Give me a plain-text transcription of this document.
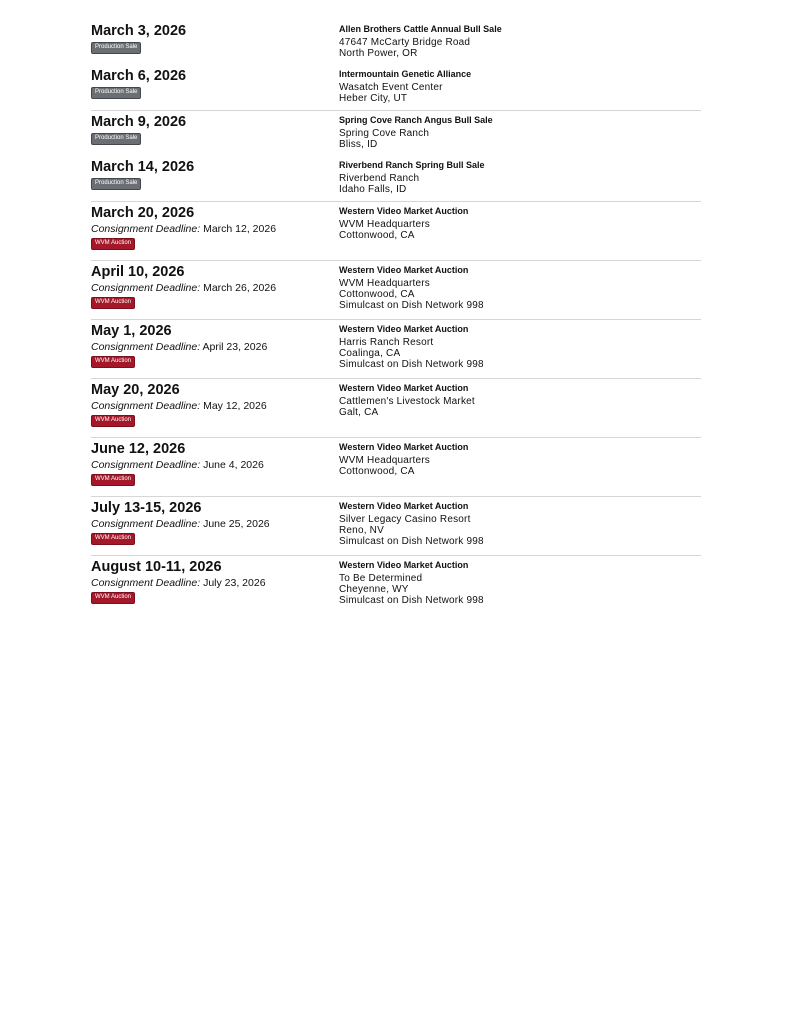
March 3, 2026
Production Sale
Allen Brothers Cattle Annual Bull Sale
47647 McCarty Bridge Road
North Power, OR
March 6, 2026
Production Sale
Intermountain Genetic Alliance
Wasatch Event Center
Heber City, UT
March 9, 2026
Production Sale
Spring Cove Ranch Angus Bull Sale
Spring Cove Ranch
Bliss, ID
March 14, 2026
Production Sale
Riverbend Ranch Spring Bull Sale
Riverbend Ranch
Idaho Falls, ID
March 20, 2026
Consignment Deadline: March 12, 2026
WVM Auction
Western Video Market Auction
WVM Headquarters
Cottonwood, CA
April 10, 2026
Consignment Deadline: March 26, 2026
WVM Auction
Western Video Market Auction
WVM Headquarters
Cottonwood, CA
Simulcast on Dish Network 998
May 1, 2026
Consignment Deadline: April 23, 2026
WVM Auction
Western Video Market Auction
Harris Ranch Resort
Coalinga, CA
Simulcast on Dish Network 998
May 20, 2026
Consignment Deadline: May 12, 2026
WVM Auction
Western Video Market Auction
Cattlemen's Livestock Market
Galt, CA
June 12, 2026
Consignment Deadline: June 4, 2026
WVM Auction
Western Video Market Auction
WVM Headquarters
Cottonwood, CA
July 13-15, 2026
Consignment Deadline: June 25, 2026
WVM Auction
Western Video Market Auction
Silver Legacy Casino Resort
Reno, NV
Simulcast on Dish Network 998
August 10-11, 2026
Consignment Deadline: July 23, 2026
WVM Auction
Western Video Market Auction
To Be Determined
Cheyenne, WY
Simulcast on Dish Network 998
